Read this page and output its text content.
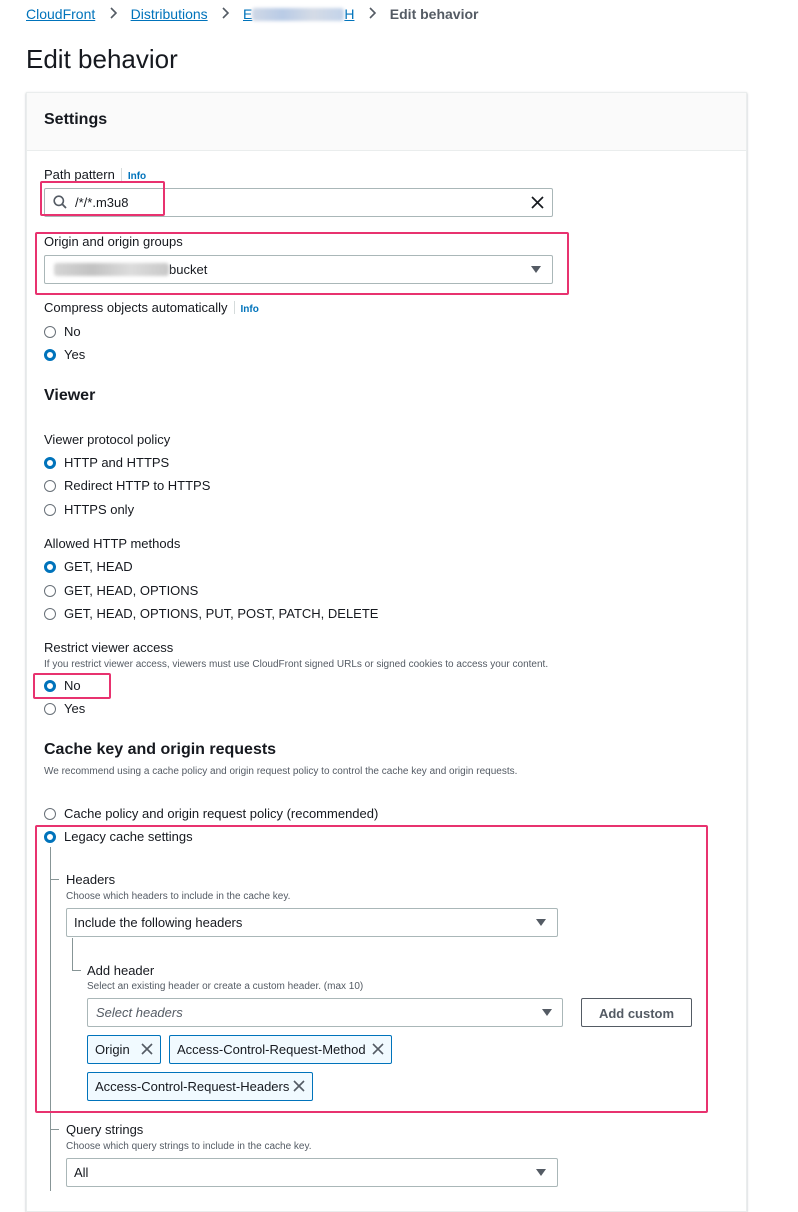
CloudFront	Distributions	E	H	Edit behavior
Edit behavior
Settings
Path pattern Info
/*/*.m3u8
Origin and origin groups
bucket
Compress objects automatically Info
No
Yes
Viewer
Viewer protocol policy
HTTP and HTTPS
Redirect HTTP to HTTPS
HTTPS only
Allowed HTTP methods
GET, HEAD
GET, HEAD, OPTIONS
GET, HEAD, OPTIONS, PUT, POST, PATCH, DELETE
Restrict viewer access
If you restrict viewer access, viewers must use CloudFront signed URLs or signed cookies to access your content.
No
Yes
Cache key and origin requests
We recommend using a cache policy and origin request policy to control the cache key and origin requests.
Cache policy and origin request policy (recommended)
Legacy cache settings
Headers
Choose which headers to include in the cache key.
Include the following headers
Add header
Select an existing header or create a custom header. (max 10)
Select headers	Add custom
Origin	Access-Control-Request-Method
Access-Control-Request-Headers
Query strings
Choose which query strings to include in the cache key.
All
